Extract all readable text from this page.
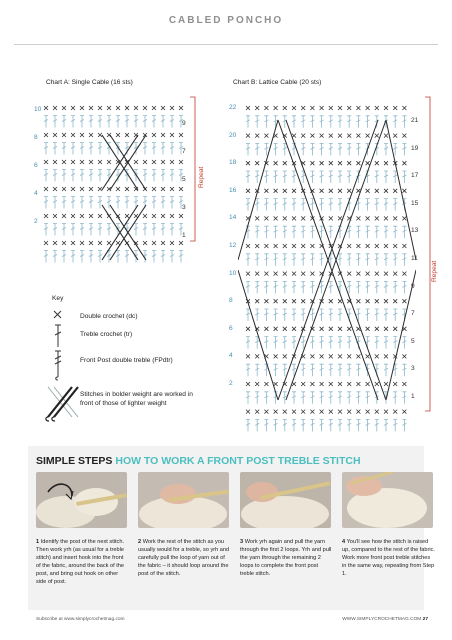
CABLED PONCHO
Chart A: Single Cable (16 sts)
10
8
6
4
2
9
7
5
3
1
Repeat
Chart B: Lattice Cable (20 sts)
22
20
18
16
14
12
10
8
6
4
2
21
19
17
15
13
11
9
7
5
3
1
Repeat
Key
Double crochet (dc)
Treble crochet (tr)
Front Post double treble (FPdtr)
Stitches in bolder weight are worked in front of those of lighter weight
SIMPLE STEPS HOW TO WORK A FRONT POST TREBLE STITCH
1 Identify the post of the next stitch. Then work yrh (as usual for a treble stitch) and insert hook into the front of the fabric, around the back of the post, and bring out hook on other side of post.
2 Work the rest of the stitch as you usually would for a treble, so yrh and carefully pull the loop of yarn out of the fabric – it should loop around the post of the stitch.
3 Work yrh again and pull the yarn through the first 2 loops. Yrh and pull the yarn through the remaining 2 loops to complete the front post treble stitch.
4 You'll see how the stitch is raised up, compared to the rest of the fabric. Work more front post treble stitches in the same way, repeating from Step 1.
Subscribe at www.simplycrochetmag.com	WWW.SIMPLYCROCHETMAG.COM 27
